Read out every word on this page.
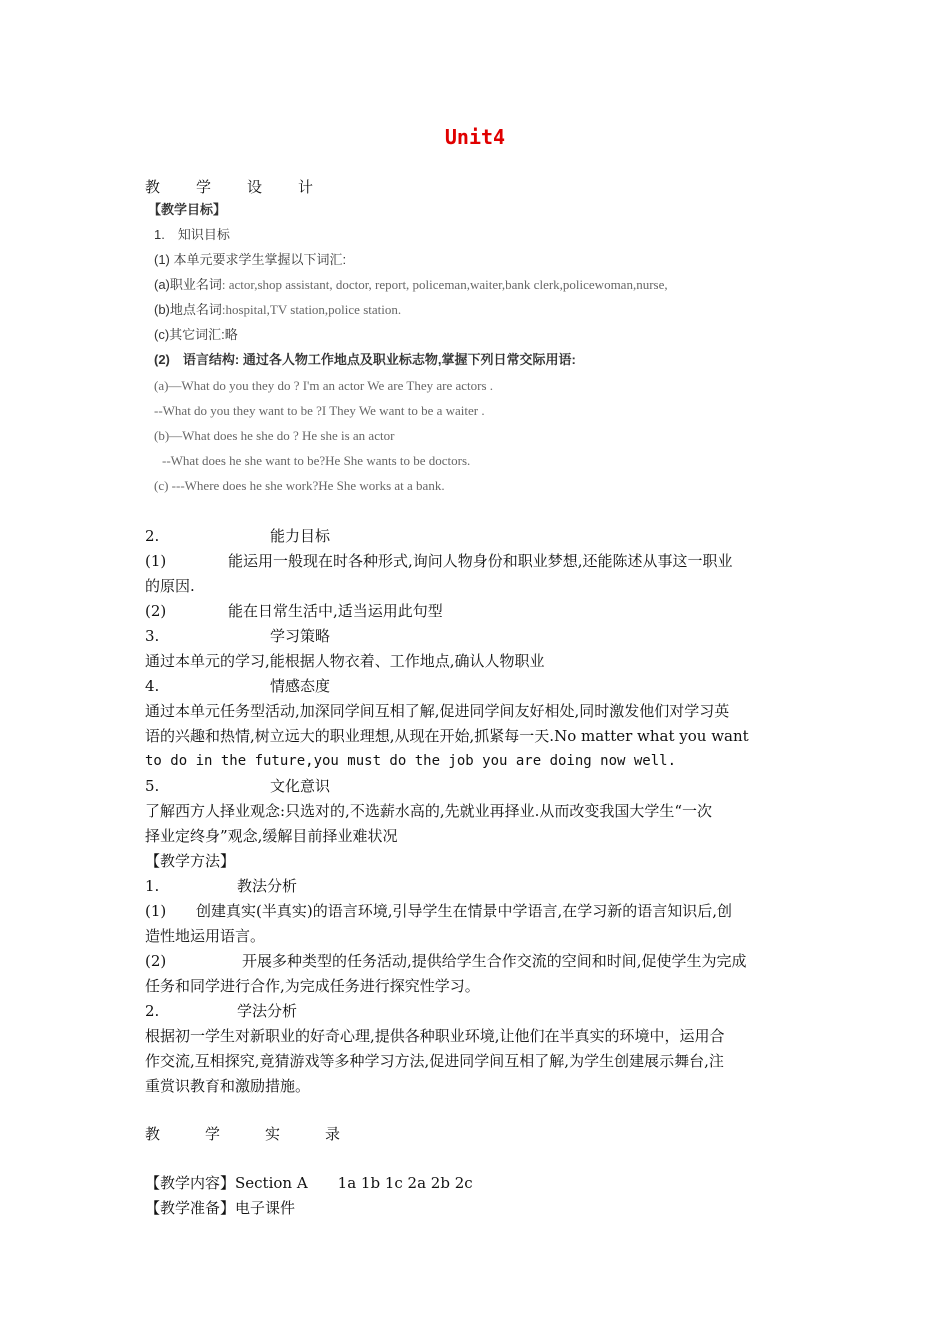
Unit4
教　　学　　设　　计
【教学目标】
1.　知识目标
(1) 本单元要求学生掌握以下词汇:
(a)职业名词: actor,shop assistant, doctor, report, policeman,waiter,bank clerk,policewoman,nurse,
(b)地点名词:hospital,TV station,police station.
(c)其它词汇:略
(2)　语言结构: 通过各人物工作地点及职业标志物,掌握下列日常交际用语:
(a)—What do you they do ? I'm an actor We are They are actors .
--What do you they want to be ?I They We want to be a waiter .
(b)—What does he she do ? He she is an actor
--What does he she want to be?He She wants to be doctors.
(c) ---Where does he she work?He She works at a bank.
2.	能力目标
(1)	能运用一般现在时各种形式,询问人物身份和职业梦想,还能陈述从事这一职业
的原因.
(2)	能在日常生活中,适当运用此句型
3.	学习策略
通过本单元的学习,能根据人物衣着、工作地点,确认人物职业
4.	情感态度
通过本单元任务型活动,加深同学间互相了解,促进同学间友好相处,同时激发他们对学习英
语的兴趣和热情,树立远大的职业理想,从现在开始,抓紧每一天.No matter what you want
to do in the future,you must do the job you are doing now well.
5.	文化意识
了解西方人择业观念:只选对的,不选薪水高的,先就业再择业.从而改变我国大学生“一次
择业定终身”观念,缓解目前择业难状况
【教学方法】
1.	教法分析
(1) 创建真实(半真实)的语言环境,引导学生在情景中学语言,在学习新的语言知识后,创
造性地运用语言。
(2)	开展多种类型的任务活动,提供给学生合作交流的空间和时间,促使学生为完成
任务和同学进行合作,为完成任务进行探究性学习。
2.	学法分析
根据初一学生对新职业的好奇心理,提供各种职业环境,让他们在半真实的环境中，运用合
作交流,互相探究,竟猜游戏等多种学习方法,促进同学间互相了解,为学生创建展示舞台,注
重赏识教育和激励措施。
教　　　学　　　实　　　录
【教学内容】Section A　　1a 1b 1c 2a 2b 2c
【教学准备】电子课件
